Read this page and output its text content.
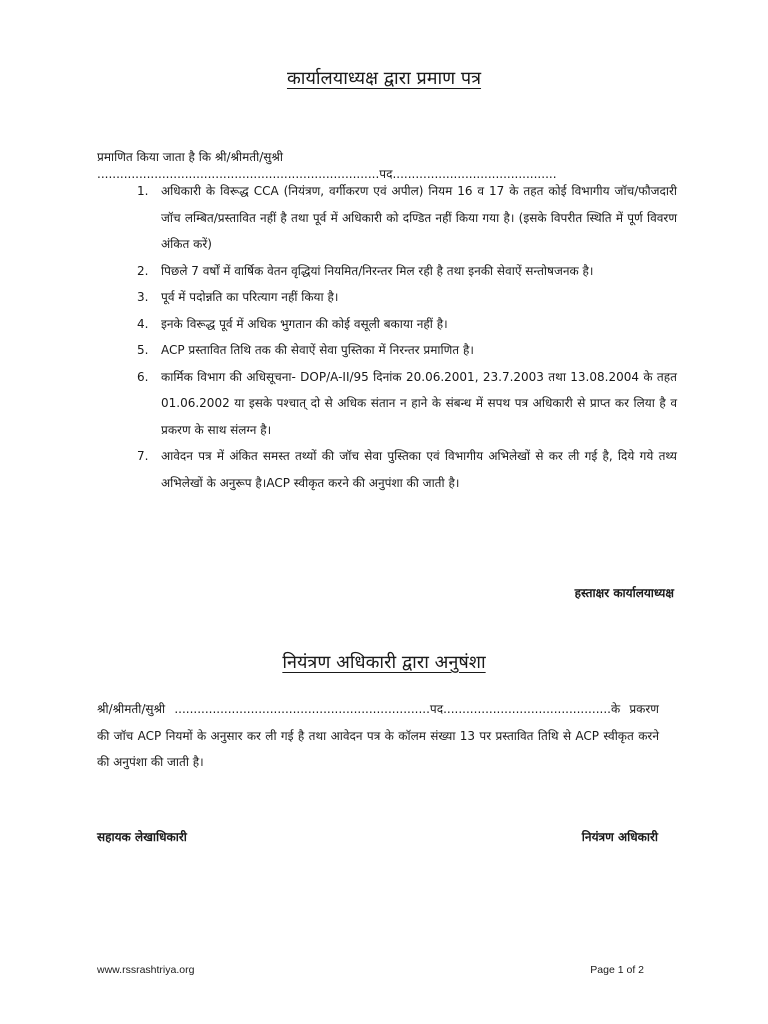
कार्यालयाध्यक्ष द्वारा प्रमाण पत्र
प्रमाणित किया जाता है कि श्री/श्रीमती/सुश्री ..........................................................................पद...........................................
1. अधिकारी के विरूद्ध CCA (नियंत्रण, वर्गीकरण एवं अपील) नियम 16 व 17 के तहत कोई विभागीय जॉच/फौजदारी जॉच लम्बित/प्रस्तावित नहीं है तथा पूर्व में अधिकारी को दण्डित नहीं किया गया है। (इसके विपरीत स्थिति में पूर्ण विवरण अंकित करें)
2. पिछले 7 वर्षों में वार्षिक वेतन वृद्धियां नियमित/निरन्तर मिल रही है तथा इनकी सेवाऐं सन्तोषजनक है।
3. पूर्व में पदोन्नति का परित्याग नहीं किया है।
4. इनके विरूद्ध पूर्व में अधिक भुगतान की कोई वसूली बकाया नहीं है।
5. ACP प्रस्तावित तिथि तक की सेवाऐं सेवा पुस्तिका में निरन्तर प्रमाणित है।
6. कार्मिक विभाग की अधिसूचना- DOP/A-II/95 दिनांक 20.06.2001, 23.7.2003 तथा 13.08.2004 के तहत 01.06.2002 या इसके पश्चात् दो से अधिक संतान न हाने के संबन्ध में सपथ पत्र अधिकारी से प्राप्त कर लिया है व प्रकरण के साथ संलग्न है।
7. आवेदन पत्र में अंकित समस्त तथ्यों की जॉच सेवा पुस्तिका एवं विभागीय अभिलेखों से कर ली गई है, दिये गये तथ्य अभिलेखों के अनुरूप है।ACP स्वीकृत करने की अनुपंशा की जाती है।
हस्ताक्षर कार्यालयाध्यक्ष
नियंत्रण अधिकारी द्वारा अनुषंशा
श्री/श्रीमती/सुश्री ...................................................................पद............................................के प्रकरण की जॉच ACP नियमों के अनुसार कर ली गई है तथा आवेदन पत्र के कॉलम संख्या 13 पर प्रस्तावित तिथि से ACP स्वीकृत करने की अनुपंशा की जाती है।
सहायक लेखाधिकारी	नियंत्रण अधिकारी
www.rssrashtriya.org	Page 1 of 2
